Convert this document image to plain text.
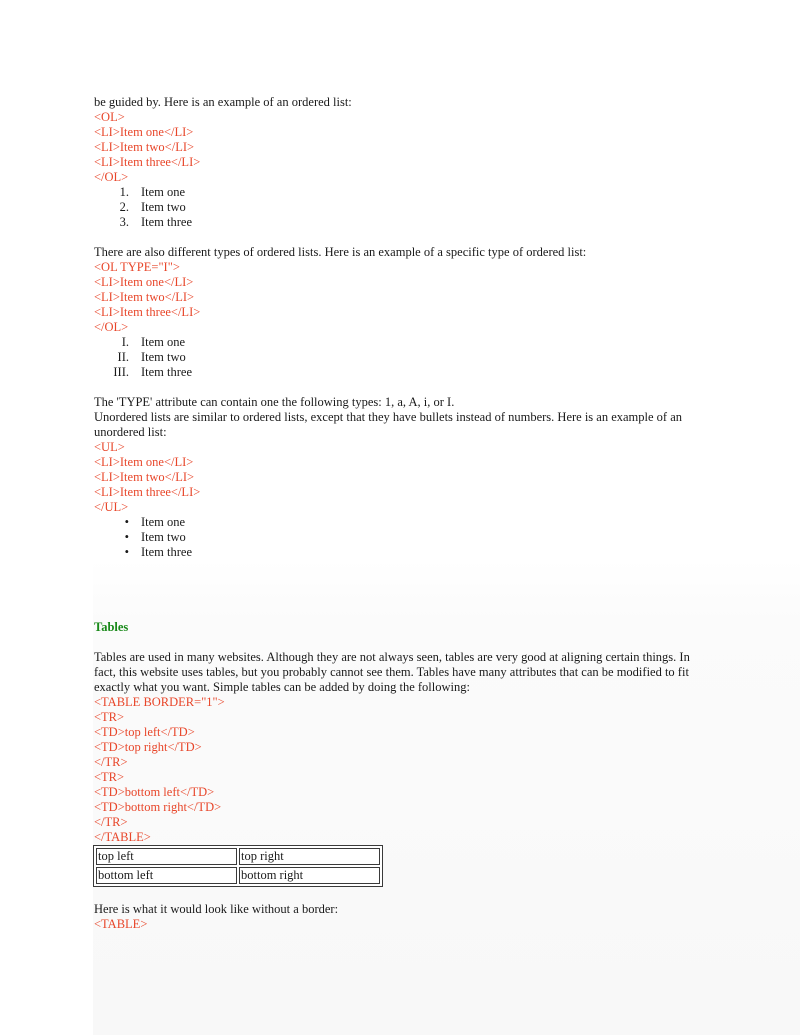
be guided by. Here is an example of an ordered list:
<OL>
<LI>Item one</LI>
<LI>Item two</LI>
<LI>Item three</LI>
</OL>
1. Item one
2. Item two
3. Item three
There are also different types of ordered lists. Here is an example of a specific type of ordered list:
<OL TYPE="I">
<LI>Item one</LI>
<LI>Item two</LI>
<LI>Item three</LI>
</OL>
I. Item one
II. Item two
III. Item three
The 'TYPE' attribute can contain one the following types: 1, a, A, i, or I.
Unordered lists are similar to ordered lists, except that they have bullets instead of numbers. Here is an example of an unordered list:
<UL>
<LI>Item one</LI>
<LI>Item two</LI>
<LI>Item three</LI>
</UL>
• Item one
• Item two
• Item three
Tables
Tables are used in many websites. Although they are not always seen, tables are very good at aligning certain things. In fact, this website uses tables, but you probably cannot see them. Tables have many attributes that can be modified to fit exactly what you want. Simple tables can be added by doing the following:
<TABLE BORDER="1">
<TR>
<TD>top left</TD>
<TD>top right</TD>
</TR>
<TR>
<TD>bottom left</TD>
<TD>bottom right</TD>
</TR>
</TABLE>
top left	top right
bottom left	bottom right
Here is what it would look like without a border:
<TABLE>
